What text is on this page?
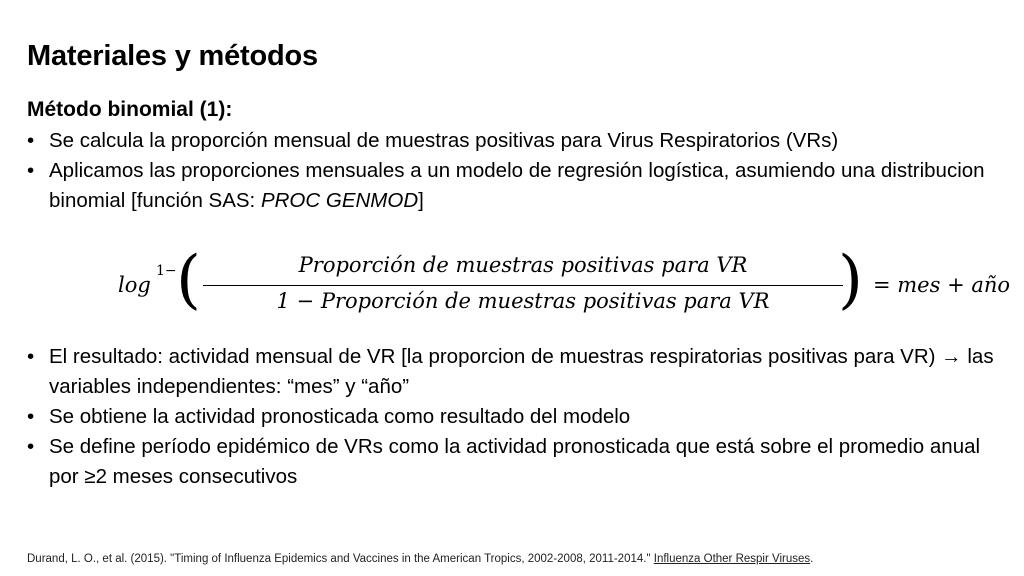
Materiales y métodos
Método binomial (1):
• Se calcula la proporción mensual de muestras positivas para Virus Respiratorios (VRs)
• Aplicamos las proporciones mensuales a un modelo de regresión logística, asumiendo una distribucion binomial [función SAS: PROC GENMOD]
log
1− (	Proporción de muestras positivas para VR
1 − Proporción de muestras positivas para VR	) = mes + año
• El resultado: actividad mensual de VR [la proporcion de muestras respiratorias positivas para VR) → las variables independientes: “mes” y “año”
• Se obtiene la actividad pronosticada como resultado del modelo
• Se define período epidémico de VRs como la actividad pronosticada que está sobre el promedio anual por ≥2 meses consecutivos
Durand, L. O., et al. (2015). "Timing of Influenza Epidemics and Vaccines in the American Tropics, 2002-2008, 2011-2014." Influenza Other Respir Viruses.
